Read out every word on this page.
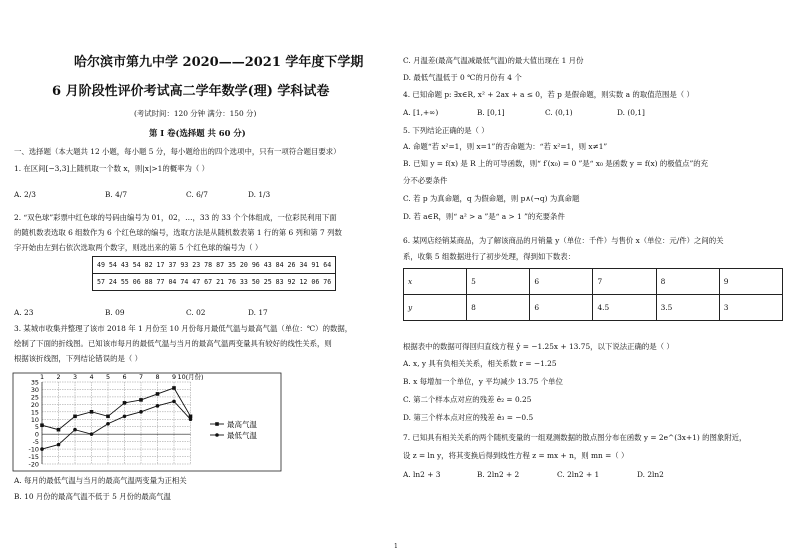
哈尔滨市第九中学 2020——2021 学年度下学期
6 月阶段性评价考试高二学年数学(理) 学科试卷
(考试时间：120 分钟 满分：150 分)
第 Ⅰ 卷(选择题 共 60 分)
一、选择题（本大题共 12 小题，每小题 5 分，每小题给出的四个选项中，只有一项符合题目要求）
1. 在区间[−3,3]上随机取一个数 x，则|x|>1的概率为（ ）
A. 2/3	B. 4/7	C. 6/7	D. 1/3
2. “双色球”彩票中红色球的号码由编号为 01，02，…，33 的 33 个个体组成，一位彩民利用下面
的随机数表选取 6 组数作为 6 个红色球的编号，选取方法是从随机数表第 1 行的第 6 列和第 7 列数
字开始由左到右依次选取两个数字，则选出来的第 5 个红色球的编号为（ ）
49 54 43 54 82 17 37 93 23 78 87 35 20 96 43 84 26 34 91 64
57 24 55 06 88 77 04 74 47 67 21 76 33 50 25 83 92 12 06 76
A. 23	B. 09	C. 02	D. 17
3. 某城市收集并整理了该市 2018 年 1 月份至 10 月份每月最低气温与最高气温（单位：℃）的数据，
绘制了下面的折线图。已知该市每月的最低气温与当月的最高气温两变量具有较好的线性关系，则
根据该折线图，下列结论错误的是（ ）
35
30
25
20
15
10
5
0
-5
-10
-15
-20
1 2 3 4 5 6 7 8 9 10(月份)
最高气温
最低气温
A. 每月的最低气温与当月的最高气温两变量为正相关
B. 10 月份的最高气温不低于 5 月份的最高气温
C. 月温差(最高气温减最低气温)的最大值出现在 1 月份
D. 最低气温低于 0 ℃的月份有 4 个
4. 已知命题 p: ∃x∈R, x² + 2ax + a ≤ 0，若 p 是假命题，则实数 a 的取值范围是（ ）
A. [1,+∞)	B. [0,1]	C. (0,1)	D. (0,1]
5. 下列结论正确的是（ ）
A. 命题“若 x²=1，则 x=1”的否命题为：“若 x²=1，则 x≠1”
B. 已知 y = f(x) 是 R 上的可导函数，则“ f′(x₀) = 0 ”是“ x₀ 是函数 y = f(x) 的极值点”的充
分不必要条件
C. 若 p 为真命题，q 为假命题，则 p∧(¬q) 为真命题
D. 若 a∈R，则“ a² > a ”是“ a > 1 ”的充要条件
6. 某网店经销某商品，为了解该商品的月销量 y（单位：千件）与售价 x（单位：元/件）之间的关
系，收集 5 组数据进行了初步处理，得到如下数表：
x	5	6	7	8	9
y	8	6	4.5	3.5	3
根据表中的数据可得回归直线方程 ŷ = −1.25x + 13.75，以下说法正确的是（ ）
A. x, y 具有负相关关系，相关系数 r = −1.25
B. x 每增加一个单位，y 平均减少 13.75 个单位
C. 第二个样本点对应的残差 ê₂ = 0.25
D. 第三个样本点对应的残差 ê₃ = −0.5
7. 已知具有相关关系的两个随机变量的一组观测数据的散点图分布在函数 y = 2e^(3x+1) 的图象附近，
设 z = ln y，将其变换后得到线性方程 z = mx + n，则 mn =（ ）
A. ln2 + 3	B. 2ln2 + 2	C. 2ln2 + 1	D. 2ln2
1
